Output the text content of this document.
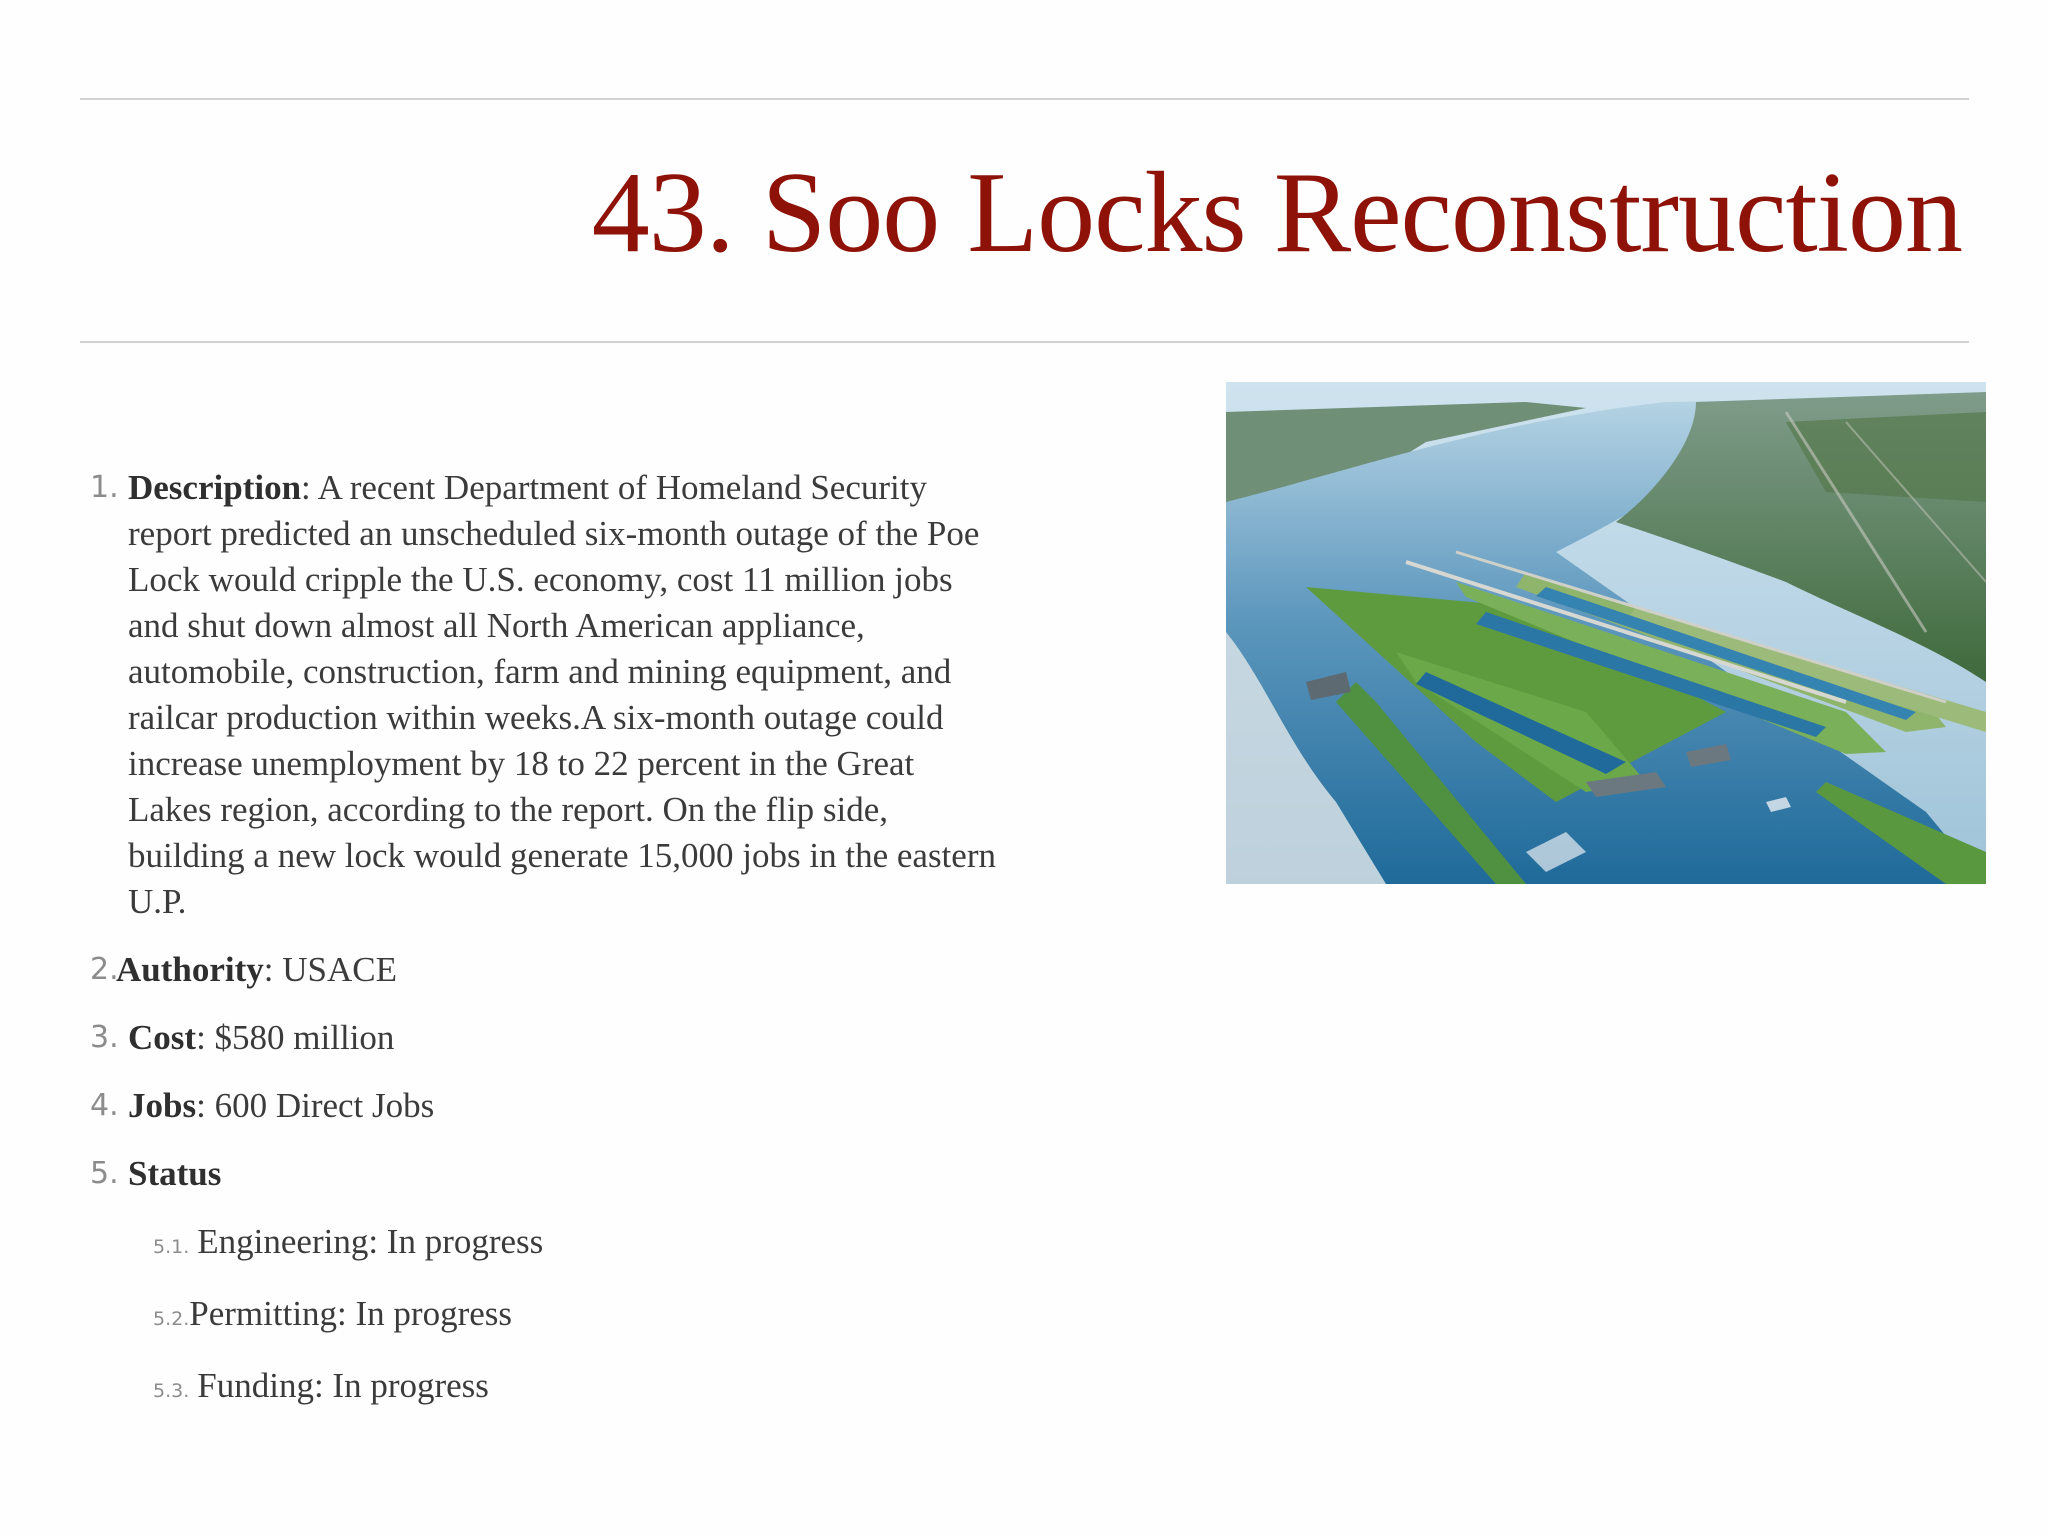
43. Soo Locks Reconstruction
1. Description: A recent Department of Homeland Security report predicted an unscheduled six-month outage of the Poe Lock would cripple the U.S. economy, cost 11 million jobs and shut down almost all North American appliance, automobile, construction, farm and mining equipment, and railcar production within weeks.A six-month outage could increase unemployment by 18 to 22 percent in the Great Lakes region, according to the report. On the flip side, building a new lock would generate 15,000 jobs in the eastern U.P.
2.
Authority: USACE
3. Cost: $580 million
4. Jobs: 600 Direct Jobs
5. Status
5.1. Engineering: In progress
5.2.Permitting: In progress
5.3. Funding: In progress
